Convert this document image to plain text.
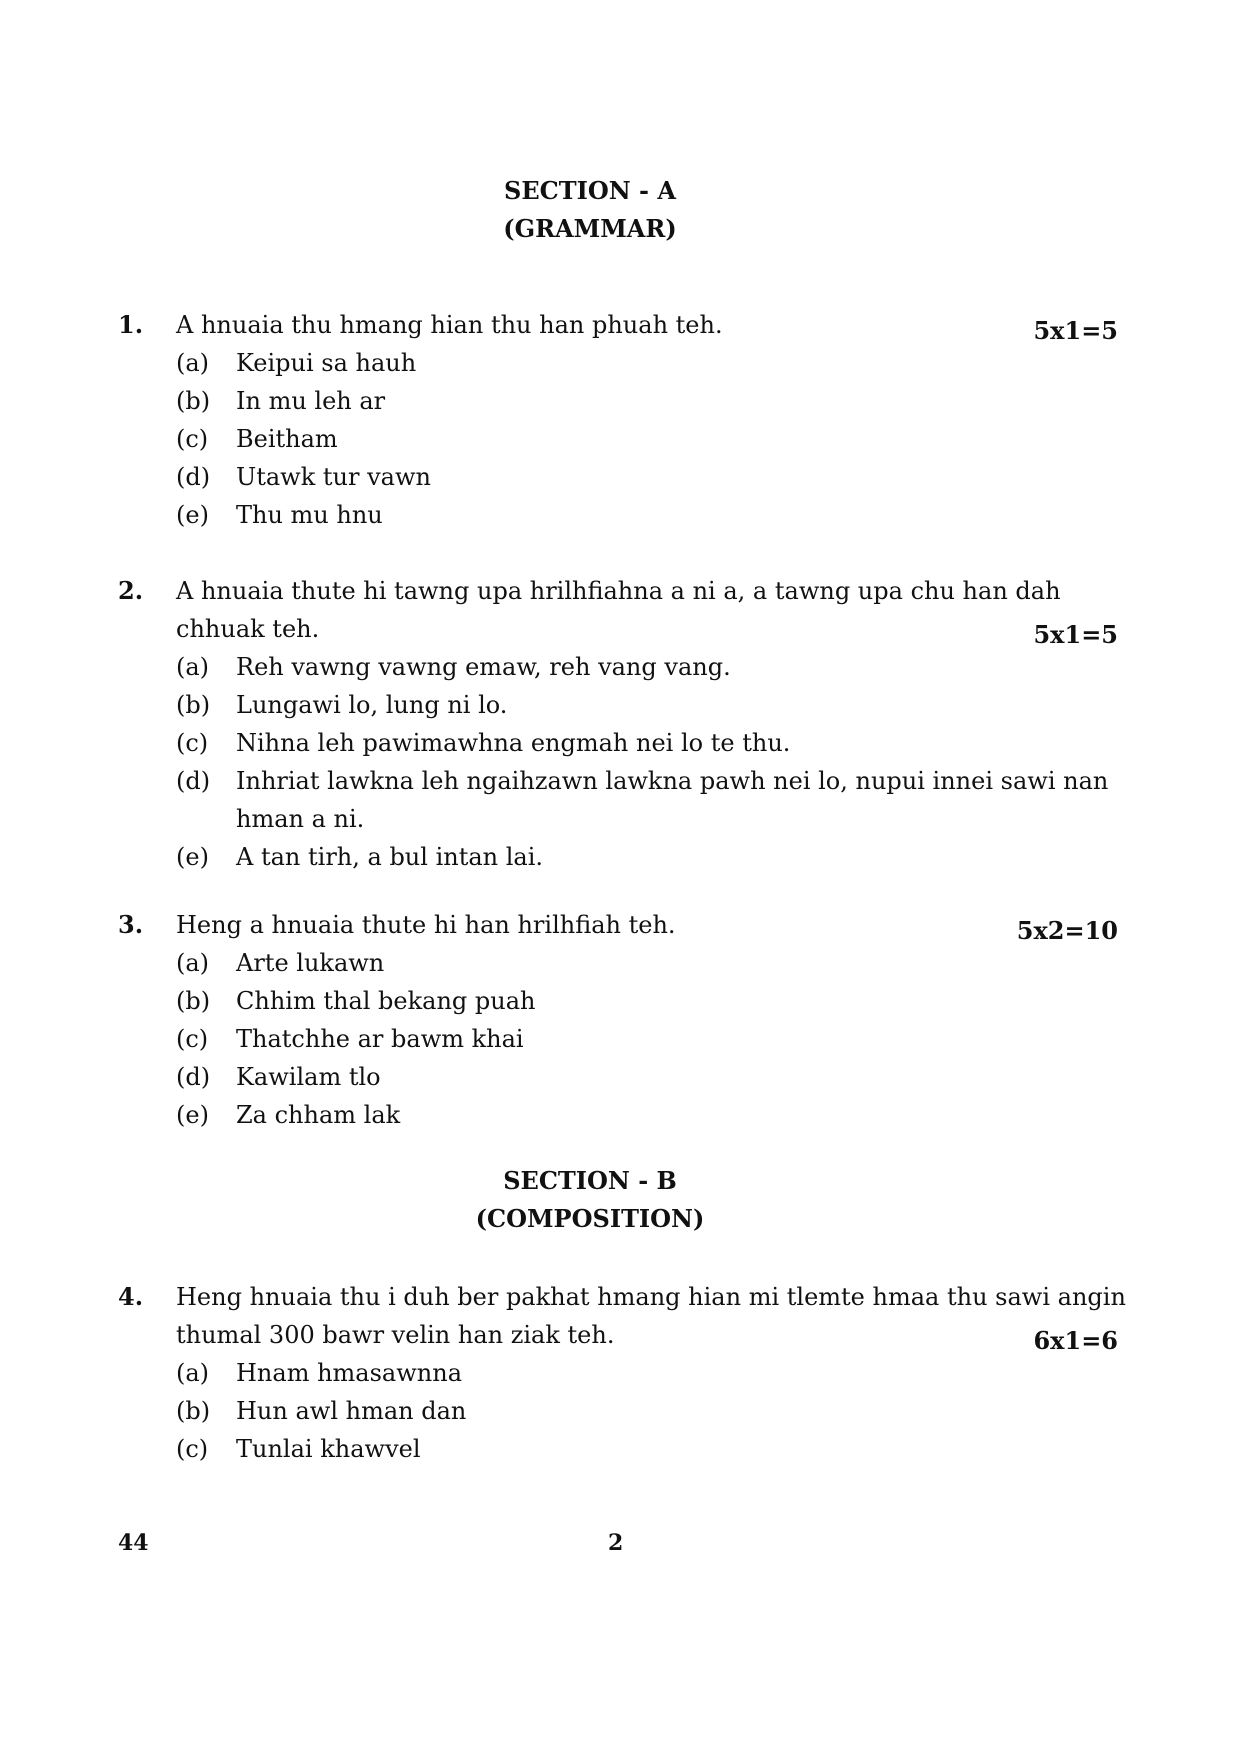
SECTION - A
(GRAMMAR)
1. A hnuaia thu hmang hian thu han phuah teh.	5x1=5
(a) Keipui sa hauh
(b) In mu leh ar
(c) Beitham
(d) Utawk tur vawn
(e) Thu mu hnu
2. A hnuaia thute hi tawng upa hrilhfiahna a ni a, a tawng upa chu han dah
chhuak teh.	5x1=5
(a) Reh vawng vawng emaw, reh vang vang.
(b) Lungawi lo, lung ni lo.
(c) Nihna leh pawimawhna engmah nei lo te thu.
(d) Inhriat lawkna leh ngaihzawn lawkna pawh nei lo, nupui innei sawi nan
hman a ni.
(e) A tan tirh, a bul intan lai.
3. Heng a hnuaia thute hi han hrilhfiah teh.	5x2=10
(a) Arte lukawn
(b) Chhim thal bekang puah
(c) Thatchhe ar bawm khai
(d) Kawilam tlo
(e) Za chham lak
SECTION - B
(COMPOSITION)
4. Heng hnuaia thu i duh ber pakhat hmang hian mi tlemte hmaa thu sawi angin
thumal 300 bawr velin han ziak teh.	6x1=6
(a) Hnam hmasawnna
(b) Hun awl hman dan
(c) Tunlai khawvel
44	2
